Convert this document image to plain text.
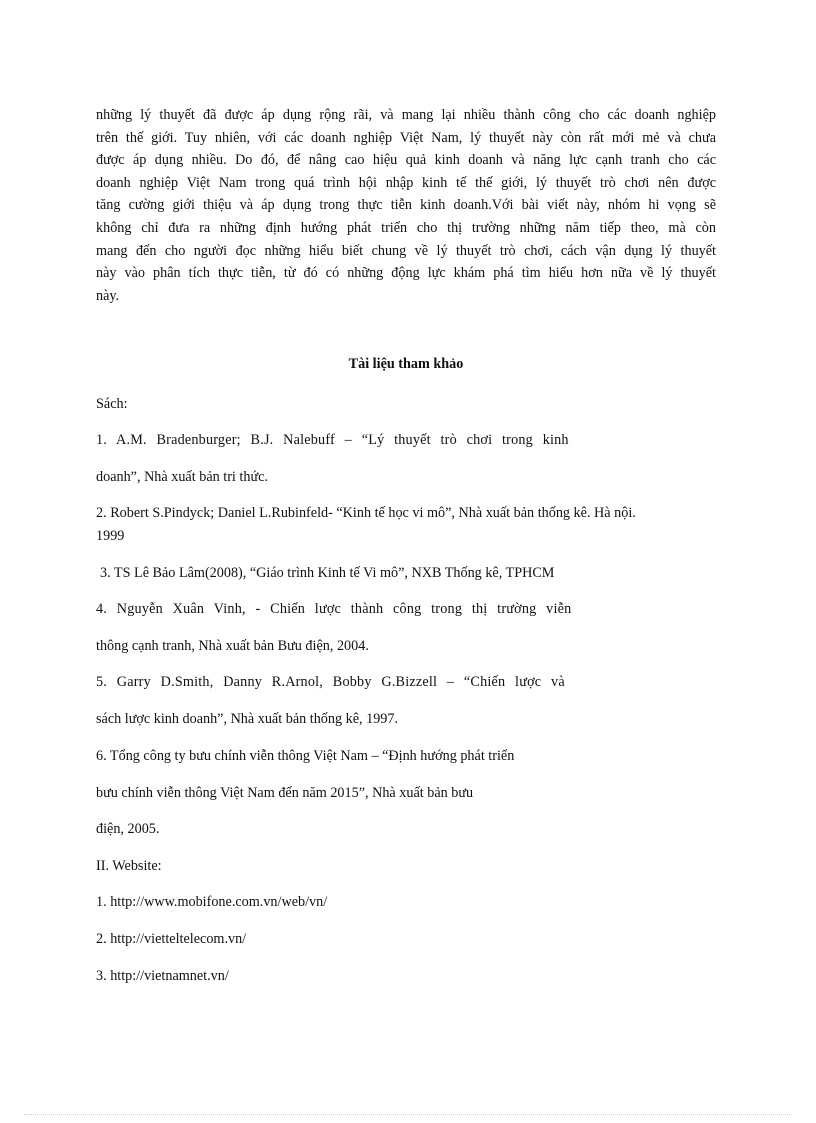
những lý thuyết đã được áp dụng rộng rãi, và mang lại nhiều thành công cho các doanh nghiệp
trên thế giới. Tuy nhiên, với các doanh nghiệp Việt Nam, lý thuyết này còn rất mới mẻ và chưa
được áp dụng nhiều. Do đó, để nâng cao hiệu quả kinh doanh và năng lực cạnh tranh cho các
doanh nghiệp Việt Nam trong quá trình hội nhập kinh tế thế giới, lý thuyết trò chơi nên được
tăng cường giới thiệu và áp dụng trong thực tiễn kinh doanh.Với bài viết này, nhóm hi vọng sẽ
không chỉ đưa ra những định hướng phát triển cho thị trường những năm tiếp theo, mà còn
mang đến cho người đọc những hiểu biết chung về lý thuyết trò chơi, cách vận dụng lý thuyết
này vào phân tích thực tiễn, từ đó có những động lực khám phá tìm hiểu hơn nữa về lý thuyết
này.
Tài liệu tham khảo
Sách:
1. A.M. Bradenburger; B.J. Nalebuff – “Lý thuyết trò chơi trong kinh
doanh”, Nhà xuất bản tri thức.
2. Robert S.Pindyck; Daniel L.Rubinfeld- “Kinh tế học vi mô”, Nhà xuất bản thống kê. Hà nội.
1999
3. TS Lê Bảo Lâm(2008), “Giáo trình Kinh tế Vi mô”, NXB Thống kê, TPHCM
4. Nguyễn Xuân Vinh, - Chiến lược thành công trong thị trường viễn
thông cạnh tranh, Nhà xuất bản Bưu điện, 2004.
5. Garry D.Smith, Danny R.Arnol, Bobby G.Bizzell – “Chiến lược và
sách lược kinh doanh”, Nhà xuất bản thống kê, 1997.
6. Tổng công ty bưu chính viễn thông Việt Nam – “Định hướng phát triển
bưu chính viễn thông Việt Nam đến năm 2015”, Nhà xuất bản bưu
điện, 2005.
II. Website:
1. http://www.mobifone.com.vn/web/vn/
2. http://vietteltelecom.vn/
3. http://vietnamnet.vn/
